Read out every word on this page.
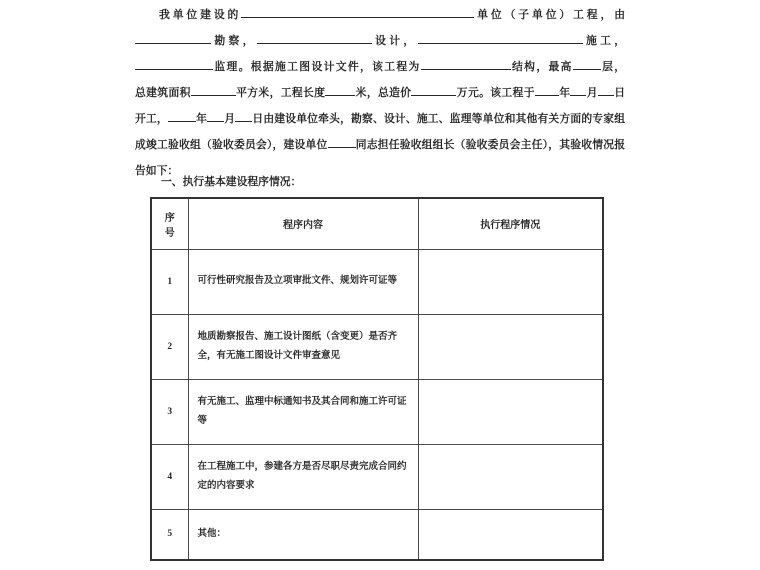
我单位建设的	单位（子单位）工程，由
勘察，	设计，	施工，
监理。根据施工图设计文件，该工程为	结构，最高	层，
总建筑面积	平方米，工程长度	米，总造价	万元。该工程于 年 月 日
开工，	年 月 日由建设单位牵头，勘察、设计、施工、监理等单位和其他有关方面的专家组
成竣工验收组（验收委员会），建设单位	同志担任验收组组长（验收委员会主任），其验收情况报
告如下：
一、执行基本建设程序情况：
序号	程序内容	执行程序情况
1	可行性研究报告及立项审批文件、规划许可证等	
2	地质勘察报告、施工设计图纸（含变更）是否齐全，有无施工图设计文件审查意见	
3	有无施工、监理中标通知书及其合同和施工许可证等	
4	在工程施工中，参建各方是否尽职尽责完成合同约定的内容要求	
5	其他：	
